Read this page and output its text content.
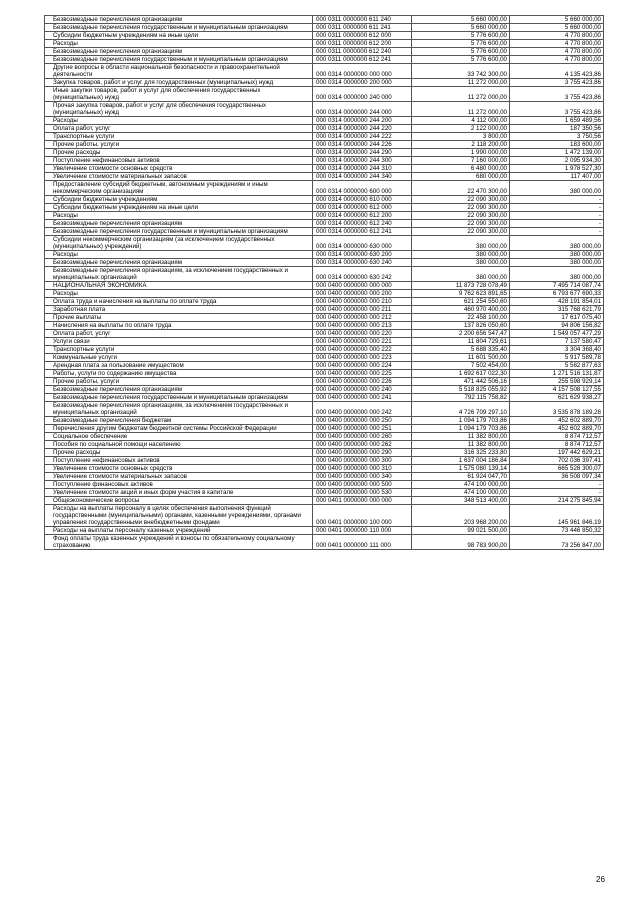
Безвозмездные перечисления организациям	000 0311 0000000 611 240	5 660 000,00	5 660 000,00
Безвозмездные перечисления государственным и муниципальным организациям	000 0311 0000000 611 241	5 660 000,00	5 660 000,00
Субсидии бюджетным учреждениям на иные цели	000 0311 0000000 612 000	5 776 600,00	4 770 800,00
Расходы	000 0311 0000000 612 200	5 776 600,00	4 770 800,00
Безвозмездные перечисления организациям	000 0311 0000000 612 240	5 776 600,00	4 770 800,00
Безвозмездные перечисления государственным и муниципальным организациям	000 0311 0000000 612 241	5 776 600,00	4 770 800,00
Другие вопросы в области национальной безопасности и правоохранительной деятельности	000 0314 0000000 000 000	33 742 300,00	4 135 423,86
Закупка товаров, работ и услуг для государственных (муниципальных) нужд	000 0314 0000000 200 000	11 272 000,00	3 755 423,86
Иные закупки товаров, работ и услуг для обеспечения государственных (муниципальных) нужд	000 0314 0000000 240 000	11 272 000,00	3 755 423,86
Прочая закупка товаров, работ и услуг для обеспечения государственных (муниципальных) нужд	000 0314 0000000 244 000	11 272 000,00	3 755 423,86
Расходы	000 0314 0000000 244 200	4 112 000,00	1 659 489,56
Оплата работ, услуг	000 0314 0000000 244 220	2 122 000,00	187 350,56
Транспортные услуги	000 0314 0000000 244 222	3 800,00	3 750,56
Прочие работы, услуги	000 0314 0000000 244 226	2 118 200,00	183 600,00
Прочие расходы	000 0314 0000000 244 290	1 990 000,00	1 472 139,00
Поступление нефинансовых активов	000 0314 0000000 244 300	7 160 000,00	2 095 934,30
Увеличение стоимости основных средств	000 0314 0000000 244 310	6 480 000,00	1 978 527,30
Увеличение стоимости материальных запасов	000 0314 0000000 244 340	680 000,00	117 407,00
Предоставление субсидий бюджетным, автономным учреждениям и иным некоммерческим организациям	000 0314 0000000 600 000	22 470 300,00	380 000,00
Субсидии бюджетным учреждениям	000 0314 0000000 610 000	22 090 300,00	-
Субсидии бюджетным учреждениям на иные цели	000 0314 0000000 612 000	22 090 300,00	-
Расходы	000 0314 0000000 612 200	22 090 300,00	-
Безвозмездные перечисления организациям	000 0314 0000000 612 240	22 090 300,00	-
Безвозмездные перечисления государственным и муниципальным организациям	000 0314 0000000 612 241	22 090 300,00	-
Субсидии некоммерческим организациям (за исключением государственных (муниципальных) учреждений)	000 0314 0000000 630 000	380 000,00	380 000,00
Расходы	000 0314 0000000 630 200	380 000,00	380 000,00
Безвозмездные перечисления организациям	000 0314 0000000 630 240	380 000,00	380 000,00
Безвозмездные перечисления организациям, за исключением государственных и муниципальных организаций	000 0314 0000000 630 242	380 000,00	380 000,00
НАЦИОНАЛЬНАЯ ЭКОНОМИКА	000 0400 0000000 000 000	11 873 728 078,49	7 495 714 087,74
Расходы	000 0400 0000000 000 200	9 762 623 891,65	6 793 677 690,33
Оплата труда и начисления на выплаты по оплате труда	000 0400 0000000 000 210	621 254 550,60	428 191 854,01
Заработная плата	000 0400 0000000 000 211	460 970 400,00	315 768 621,79
Прочие выплаты	000 0400 0000000 000 212	22 458 100,00	17 617 075,40
Начисления на выплаты по оплате труда	000 0400 0000000 000 213	137 826 050,60	94 806 156,82
Оплата работ, услуг	000 0400 0000000 000 220	2 200 656 547,47	1 549 057 477,29
Услуги связи	000 0400 0000000 000 221	11 804 729,61	7 137 580,47
Транспортные услуги	000 0400 0000000 000 222	5 688 335,40	3 304 368,40
Коммунальные услуги	000 0400 0000000 000 223	11 601 500,00	5 917 589,78
Арендная плата за пользование имуществом	000 0400 0000000 000 224	7 502 454,00	5 582 877,63
Работы, услуги по содержанию имущества	000 0400 0000000 000 225	1 692 617 022,30	1 271 516 131,87
Прочие работы, услуги	000 0400 0000000 000 226	471 442 506,16	255 598 929,14
Безвозмездные перечисления организациям	000 0400 0000000 000 240	5 518 825 055,92	4 157 508 127,55
Безвозмездные перечисления государственным и муниципальным организациям	000 0400 0000000 000 241	792 115 758,82	621 629 938,27
Безвозмездные перечисления организациям, за исключением государственных и муниципальных организаций	000 0400 0000000 000 242	4 726 709 297,10	3 535 878 189,28
Безвозмездные перечисления бюджетам	000 0400 0000000 000 250	1 094 179 703,86	452 602 889,70
Перечисления другим бюджетам бюджетной системы Российской Федерации	000 0400 0000000 000 251	1 094 179 703,86	452 602 889,70
Социальное обеспечение	000 0400 0000000 000 260	11 382 800,00	8 874 712,57
Пособия по социальной помощи населению	000 0400 0000000 000 262	11 382 800,00	8 874 712,57
Прочие расходы	000 0400 0000000 000 290	316 325 233,80	197 442 629,21
Поступление нефинансовых активов	000 0400 0000000 000 300	1 637 004 186,84	702 036 397,41
Увеличение стоимости основных средств	000 0400 0000000 000 310	1 575 080 139,14	665 528 300,07
Увеличение стоимости материальных запасов	000 0400 0000000 000 340	61 924 047,70	36 508 097,34
Поступление финансовых активов	000 0400 0000000 000 500	474 100 000,00	-
Увеличение стоимости акций и иных форм участия в капитале	000 0400 0000000 000 530	474 100 000,00	-
Общеэкономические вопросы	000 0401 0000000 000 000	348 513 400,00	214 275 845,94
Расходы на выплаты персоналу в целях обеспечения выполнения функций государственными (муниципальными) органами, казенными учреждениями, органами управления государственными внебюджетными фондами	000 0401 0000000 100 000	203 968 200,00	145 961 846,19
Расходы на выплаты персоналу казенных учреждений	000 0401 0000000 110 000	99 021 500,00	73 446 850,32
Фонд оплаты труда казенных учреждений и взносы по обязательному социальному страхованию	000 0401 0000000 111 000	98 783 900,00	73 256 847,00
26
